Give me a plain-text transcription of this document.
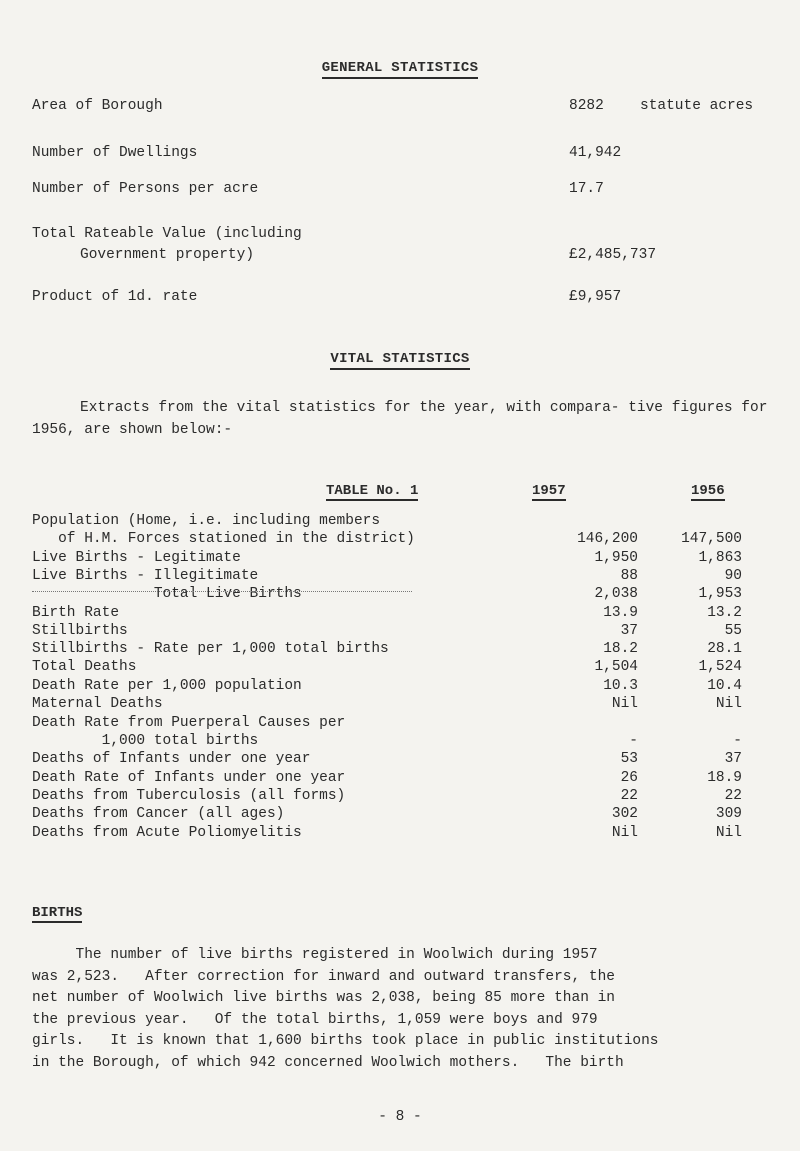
GENERAL STATISTICS
Area of Borough	8282 statute acres
Number of Dwellings	41,942
Number of Persons per acre	17.7
Total Rateable Value (including
Government property)	£2,485,737
Product of 1d. rate	£9,957
VITAL STATISTICS
Extracts from the vital statistics for the year, with compara- tive figures for 1956, are shown below:-
TABLE No. 1	1957	1956
Population (Home, i.e. including members
of H.M. Forces stationed in the district)	146,200	147,500
Live Births - Legitimate	1,950	1,863
Live Births - Illegitimate	88	90
Total Live Births	2,038	1,953
Birth Rate	13.9	13.2
Stillbirths	37	55
Stillbirths - Rate per 1,000 total births	18.2	28.1
Total Deaths	1,504	1,524
Death Rate per 1,000 population	10.3	10.4
Maternal Deaths	Nil	Nil
Death Rate from Puerperal Causes per
1,000 total births	-	-
Deaths of Infants under one year	53	37
Death Rate of Infants under one year	26	18.9
Deaths from Tuberculosis (all forms)	22	22
Deaths from Cancer (all ages)	302	309
Deaths from Acute Poliomyelitis	Nil	Nil
BIRTHS
The number of live births registered in Woolwich during 1957
was 2,523.   After correction for inward and outward transfers, the
net number of Woolwich live births was 2,038, being 85 more than in
the previous year.   Of the total births, 1,059 were boys and 979
girls.   It is known that 1,600 births took place in public institutions
in the Borough, of which 942 concerned Woolwich mothers.   The birth
- 8 -
